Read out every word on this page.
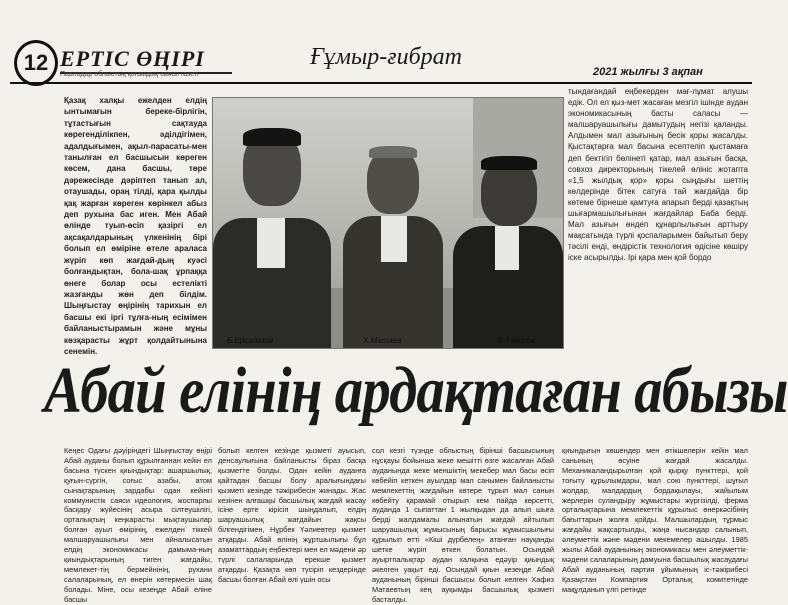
12 ЕРТІС ӨҢІРІ
Павлодар облыстық қоғамдық-саяси газеті
Ғұмыр-ғибрат
2021 жылғы 3 ақпан
Қазақ халқы ежелден елдің ынтымағын береке-бірлігін, тұтастығын сақтауда көрегенділікпен, әділдігімен, адалдығымен, ақыл-парасаты-мен танылған ел басшысын көреген көсем, дана басшы, төре дәрежесінде дәріптеп танып ал, отаушады, ораң тілді, қара қылды қақ жарған көреген көрінкел абыз деп рухына бас иген. Мен Абай өлінде туып-өсіп қазіргі ел ақсақалдарының үлкенінің бірі болып ел өміріне өтеле араласа жүріп көп жағдай-дың куәсі болғандықтан, бола-шақ ұрпаққа өнеге болар осы естелікті жазғанды жөн деп білдім. Шыңғыстау өңірінің тарихын ел басшы екі іргі тұлға-ның есімімен байланыстырамын және мұны көзқарасты жұрт қолдайтынына сенемін.
Б.Ерсәлімов	Х.Матаев	Б.Тәміров
тындағандай еңбекерден мағ-лұмат алушы едік. Ол ел қыз-мет жасаған мезгіл ішінде аудан экономикасының басты саласы — малшаруашылығы дамытудың негізі қаланды. Алдымен мал азығының бесік қоры жасалды. Қыстақтарға мал басына есептеліп қыстамаға деп бектігіп бөлінеті қатар, мал азығын басқа, совхоз директорының тікелей өлініс жотапта «1,5 жылдық қор» қоры сыңдығы шеттің көлдерінде бітек сатуға тай жағдайда бір көтеме бірнеше қамтуға апарып берді қазақтың шығармашылығынан жағдайлар Баба берді. Мал азығын өндеп құнарлылығын арттыру мақсатында түрлі қоспаларымен байытып беру тәсілі енді, өндірістік технология өдісіне көшіру іске асырылды. Ірі қара мен қой бордо
Абай елінің ардақтаған абызы
Кеңес Одағы дәуіріндегі Шыңғыстау өңірі Абай ауданы болып құрылғаннан кейін ел басына түскен қиындықтар: ашаршылық, қуғын-сүргін, соғыс азабы, атом сынақтарының зардабы одан кейінгі коммунистік саяси идеология, жоспарлы басқару жүйесінің асыра сілтеушілігі, орталықтың кеңкарасты мықтаушылар болған ауыл өмірінің, ежелден тіккей малшаруашылығы мен айналысатын елдің экономикасы дамыма-ның қиындықтарының тиген жағдайы, мемлекет-тің бермейнінің, рухани салаларының, ел өнерін көтермесін шақ болады. Міне, осы кезеңде Абай еліне басшы
болып келген кезінде қызметі ауысып, денсаулығына байланысты біраз басқа қызметте болды. Одан кейін ауданға қайтадан басшы болу аралығындағы қызметі кезінде тәжірибесін жинады. Жас кезінен алғашқы басшылық жағдай жасау ісіне ерте кірісіп шыңдалып, елдің шаруашылық жағдайын жақсы білгендігімен, Нұрбек Үәлиевтер қызмет атқарды. Абай өлінің жұртшылығы бұл азаматтардың еңбектері мен ел мәдени әр түрлі салаларында ерекше қызмет атқарды. Қазақта көп түсіріп кездерінде басшы болған Абай өлі үшін осы
сол кезгі түзнде облыстың бірінші басшысының нұсқауы бойынша жеке мешітті өзге жасалған Абай ауданында жеке меншіктің мекебер мал басы өсіп көбейіп кеткен ауылдар мал санымен байланысты мемлекеттің жағдайын көтере тұрып мал санын көбейту қарамай отырып кем пайда көрсетті, ауданда 1 сыпаттан 1 жылқыдан да алып шыға берді жалдамалы алынатын жағдай айтылып шаруашылық жұмысының барысы жұмысшылығы құрылып өтті «Кіші дүрбелең» атанған науқанды шетке жүріп өткен болатын. Осындай ауыртпалықтар аудан халқына едәуір қиындық әкелген уақыт еді. Осындай қиын кезеңде Абай ауданының бірінші басшысы болып келген Хафиз Матаевтың кең ауқымды басшылық қызметі басталды.
қиындығын көшендер мен өтікшелерін кейін мал санының өсуіне жағдай жасалды. Механикаландырылған қой қырқу пункттері, қой тоғыту құрылымдары, мал сою пункттері, шұғыл жолдар, малдардың бордақылауы, жайылым жерлерін суландыру жұмыстары жүргізілді, ферма орталықтарына мемлекеттік құрылыс өнеркәсібінің бағыттарын жолға қойды. Малшылардың тұрмыс жағдайы жақсартылды, жаңа нысандар салынып, әлеуметтік және мәдени мекемелер ашылды. 1985 жылы Абай ауданының экономикасы мен әлеуметтік-мәдени салаларының дамуына басшылық жасаудағы Абай ауданының партия ұйымының іс-тәжірибесі Қазақстан Компартия Орталық комитетінде мақұлданып үлгі ретінде
